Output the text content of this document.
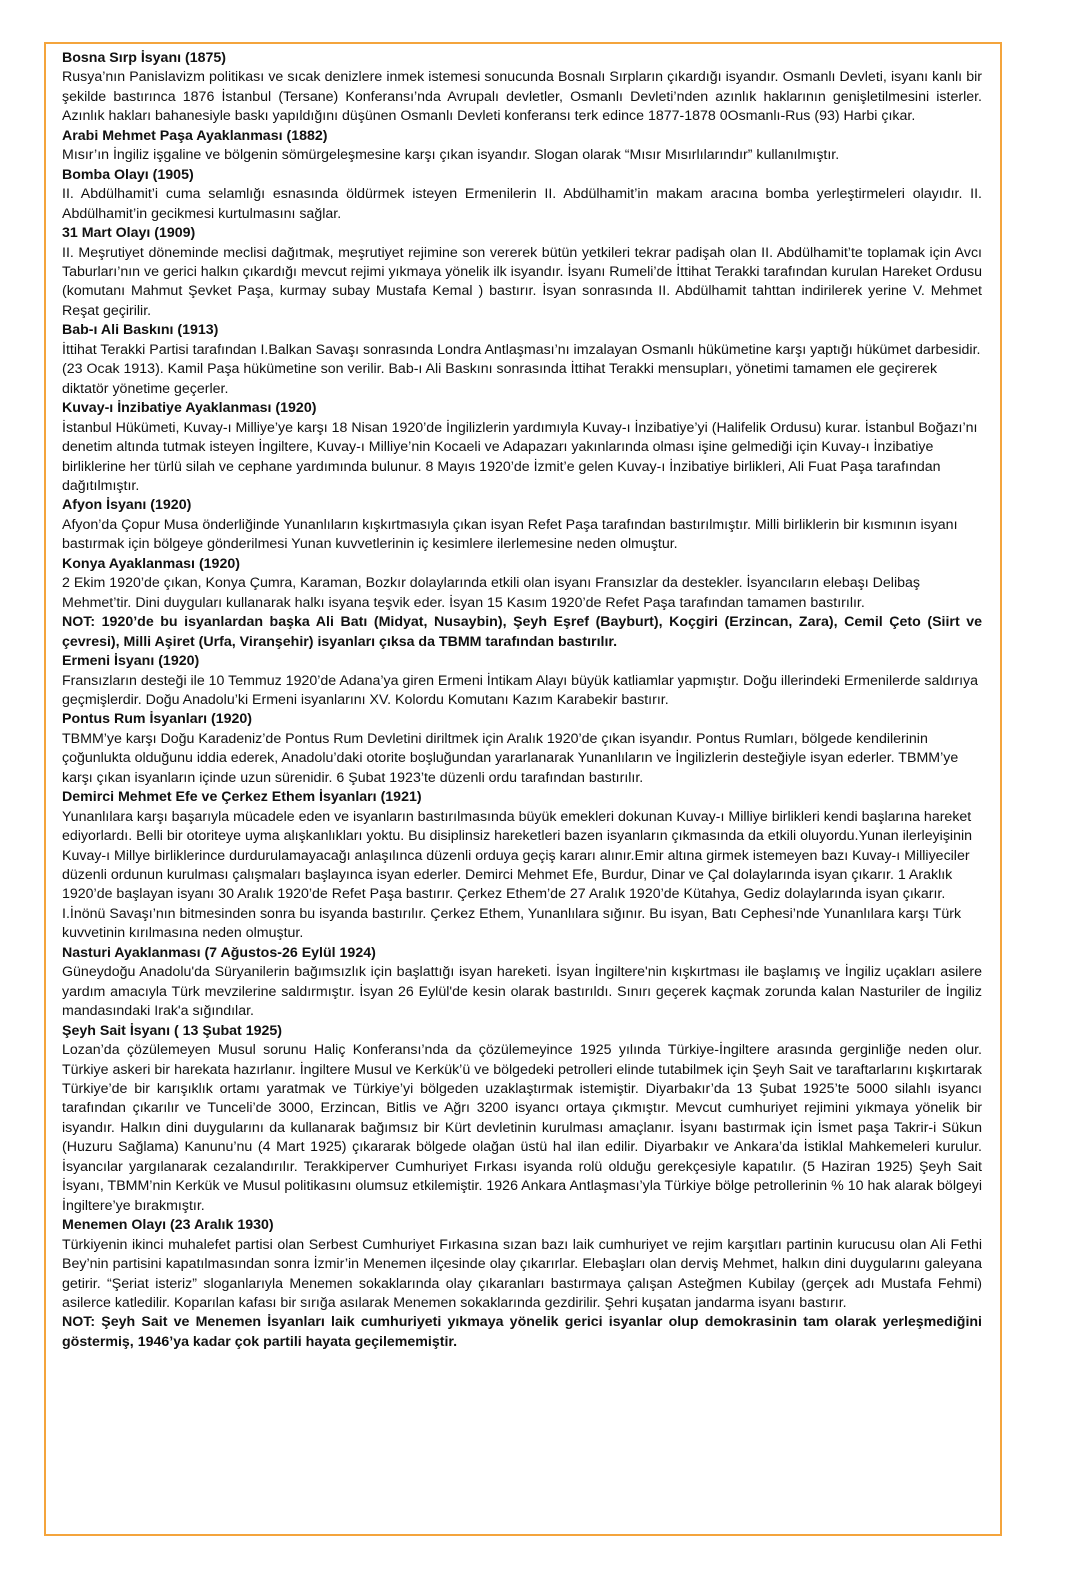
Bosna Sırp İsyanı (1875)

Rusya’nın Panislavizm politikası ve sıcak denizlere inmek istemesi sonucunda Bosnalı Sırpların çıkardığı isyandır. Osmanlı Devleti, isyanı kanlı bir şekilde bastırınca 1876 İstanbul (Tersane) Konferansı’nda Avrupalı devletler, Osmanlı Devleti’nden azınlık haklarının genişletilmesini isterler. Azınlık hakları bahanesiyle baskı yapıldığını düşünen Osmanlı Devleti konferansı terk edince 1877-1878 0Osmanlı-Rus (93) Harbi çıkar.

Arabi Mehmet Paşa Ayaklanması (1882)

Mısır’ın İngiliz işgaline ve bölgenin sömürgeleşmesine karşı çıkan isyandır. Slogan olarak “Mısır Mısırlılarındır” kullanılmıştır.

Bomba Olayı (1905)

II. Abdülhamit’i cuma selamlığı esnasında öldürmek isteyen Ermenilerin II. Abdülhamit’in makam aracına bomba yerleştirmeleri olayıdır. II. Abdülhamit’in gecikmesi kurtulmasını sağlar.

31 Mart Olayı (1909)

II. Meşrutiyet döneminde meclisi dağıtmak, meşrutiyet rejimine son vererek bütün yetkileri tekrar padişah olan II. Abdülhamit’te toplamak için Avcı Taburları’nın ve gerici halkın çıkardığı mevcut rejimi yıkmaya yönelik ilk isyandır. İsyanı Rumeli’de İttihat Terakki tarafından kurulan Hareket Ordusu (komutanı Mahmut Şevket Paşa, kurmay subay Mustafa Kemal ) bastırır. İsyan sonrasında II. Abdülhamit tahttan indirilerek yerine V. Mehmet Reşat geçirilir.

Bab-ı Ali Baskını (1913)

İttihat Terakki Partisi tarafından I.Balkan Savaşı sonrasında Londra Antlaşması’nı imzalayan Osmanlı hükümetine karşı yaptığı hükümet darbesidir. (23 Ocak 1913). Kamil Paşa hükümetine son verilir. Bab-ı Ali Baskını sonrasında İttihat Terakki mensupları, yönetimi tamamen ele geçirerek diktatör yönetime geçerler.

Kuvay-ı İnzibatiye Ayaklanması (1920)

İstanbul Hükümeti, Kuvay-ı Milliye’ye karşı 18 Nisan 1920’de İngilizlerin yardımıyla Kuvay-ı İnzibatiye’yi (Halifelik Ordusu) kurar. İstanbul Boğazı’nı denetim altında tutmak isteyen İngiltere, Kuvay-ı Milliye’nin Kocaeli ve Adapazarı yakınlarında olması işine gelmediği için Kuvay-ı İnzibatiye birliklerine her türlü silah ve cephane yardımında bulunur. 8 Mayıs 1920’de İzmit’e gelen Kuvay-ı İnzibatiye birlikleri, Ali Fuat Paşa tarafından dağıtılmıştır.

Afyon İsyanı (1920)

Afyon’da Çopur Musa önderliğinde Yunanlıların kışkırtmasıyla çıkan isyan Refet Paşa tarafından bastırılmıştır. Milli birliklerin bir kısmının isyanı bastırmak için bölgeye gönderilmesi Yunan kuvvetlerinin iç kesimlere ilerlemesine neden olmuştur.

Konya Ayaklanması (1920)

2 Ekim 1920’de çıkan, Konya Çumra, Karaman, Bozkır dolaylarında etkili olan isyanı Fransızlar da destekler. İsyancıların elebaşı Delibaş Mehmet’tir. Dini duyguları kullanarak halkı isyana teşvik eder. İsyan 15 Kasım 1920’de Refet Paşa tarafından tamamen bastırılır.

NOT: 1920’de bu isyanlardan başka Ali Batı (Midyat, Nusaybin), Şeyh Eşref (Bayburt), Koçgiri (Erzincan, Zara), Cemil Çeto (Siirt ve çevresi), Milli Aşiret (Urfa, Viranşehir) isyanları çıksa da TBMM tarafından bastırılır.

Ermeni İsyanı (1920)

Fransızların desteği ile 10 Temmuz 1920’de Adana’ya giren Ermeni İntikam Alayı büyük katliamlar yapmıştır. Doğu illerindeki Ermenilerde saldırıya geçmişlerdir. Doğu Anadolu’ki Ermeni isyanlarını XV. Kolordu Komutanı Kazım Karabekir bastırır.

Pontus Rum İsyanları (1920)

TBMM’ye karşı Doğu Karadeniz’de Pontus Rum Devletini diriltmek için Aralık 1920’de çıkan isyandır. Pontus Rumları, bölgede kendilerinin çoğunlukta olduğunu iddia ederek, Anadolu’daki otorite boşluğundan yararlanarak Yunanlıların ve İngilizlerin desteğiyle isyan ederler. TBMM’ye karşı çıkan isyanların içinde uzun sürenidir. 6 Şubat 1923’te düzenli ordu tarafından bastırılır.

Demirci Mehmet Efe ve Çerkez Ethem İsyanları (1921)

Yunanlılara karşı başarıyla mücadele eden ve isyanların bastırılmasında büyük emekleri dokunan Kuvay-ı Milliye birlikleri kendi başlarına hareket ediyorlardı. Belli bir otoriteye uyma alışkanlıkları yoktu. Bu disiplinsiz hareketleri bazen isyanların çıkmasında da etkili oluyordu.Yunan ilerleyişinin Kuvay-ı Millye birliklerince durdurulamayacağı anlaşılınca düzenli orduya geçiş kararı alınır.Emir altına girmek istemeyen bazı Kuvay-ı Milliyeciler düzenli ordunun kurulması çalışmaları başlayınca isyan ederler. Demirci Mehmet Efe, Burdur, Dinar ve Çal dolaylarında isyan çıkarır. 1 Araklık 1920’de başlayan isyanı 30 Aralık 1920’de Refet Paşa bastırır. Çerkez Ethem’de 27 Aralık 1920’de Kütahya, Gediz dolaylarında isyan çıkarır. I.İnönü Savaşı’nın bitmesinden sonra bu isyanda bastırılır. Çerkez Ethem, Yunanlılara sığınır. Bu isyan, Batı Cephesi’nde Yunanlılara karşı Türk kuvvetinin kırılmasına neden olmuştur.

Nasturi Ayaklanması (7 Ağustos-26 Eylül 1924)

Güneydoğu Anadolu'da Süryanilerin bağımsızlık için başlattığı isyan hareketi. İsyan İngiltere'nin kışkırtması ile başlamış ve İngiliz uçakları asilere yardım amacıyla Türk mevzilerine saldırmıştır. İsyan 26 Eylül'de kesin olarak bastırıldı. Sınırı geçerek kaçmak zorunda kalan Nasturiler de İngiliz mandasındaki Irak'a sığındılar.

Şeyh Sait İsyanı ( 13 Şubat 1925)

Lozan’da çözülemeyen Musul sorunu Haliç Konferansı’nda da çözülemeyince 1925 yılında Türkiye-İngiltere arasında gerginliğe neden olur. Türkiye askeri bir harekata hazırlanır. İngiltere Musul ve Kerkük’ü ve bölgedeki petrolleri elinde tutabilmek için Şeyh Sait ve taraftarlarını kışkırtarak Türkiye’de bir karışıklık ortamı yaratmak ve Türkiye’yi bölgeden uzaklaştırmak istemiştir. Diyarbakır’da 13 Şubat 1925’te 5000 silahlı isyancı tarafından çıkarılır ve Tunceli’de 3000, Erzincan, Bitlis ve Ağrı 3200 isyancı ortaya çıkmıştır. Mevcut cumhuriyet rejimini yıkmaya yönelik bir isyandır. Halkın dini duygularını da kullanarak bağımsız bir Kürt devletinin kurulması amaçlanır. İsyanı bastırmak için İsmet paşa Takrir-i Sükun (Huzuru Sağlama) Kanunu’nu (4 Mart 1925) çıkararak bölgede olağan üstü hal ilan edilir. Diyarbakır ve Ankara’da İstiklal Mahkemeleri kurulur. İsyancılar yargılanarak cezalandırılır. Terakkiperver Cumhuriyet Fırkası isyanda rolü olduğu gerekçesiyle kapatılır. (5 Haziran 1925) Şeyh Sait İsyanı, TBMM’nin Kerkük ve Musul politikasını olumsuz etkilemiştir. 1926 Ankara Antlaşması’yla Türkiye bölge petrollerinin % 10 hak alarak bölgeyi İngiltere’ye bırakmıştır.

Menemen Olayı (23 Aralık 1930)

Türkiyenin ikinci muhalefet partisi olan Serbest Cumhuriyet Fırkasına sızan bazı laik cumhuriyet ve rejim karşıtları partinin kurucusu olan Ali Fethi Bey’nin partisini kapatılmasından sonra İzmir’in Menemen ilçesinde olay çıkarırlar. Elebaşları olan derviş Mehmet, halkın dini duygularını galeyana getirir. “Şeriat isteriz” sloganlarıyla Menemen sokaklarında olay çıkaranları bastırmaya çalışan Asteğmen Kubilay (gerçek adı Mustafa Fehmi) asilerce katledilir. Koparılan kafası bir sırığa asılarak Menemen sokaklarında gezdirilir. Şehri kuşatan jandarma isyanı bastırır.

NOT: Şeyh Sait ve Menemen İsyanları laik cumhuriyeti yıkmaya yönelik gerici isyanlar olup demokrasinin tam olarak yerleşmediğini göstermiş, 1946’ya kadar çok partili hayata geçilememiştir.
